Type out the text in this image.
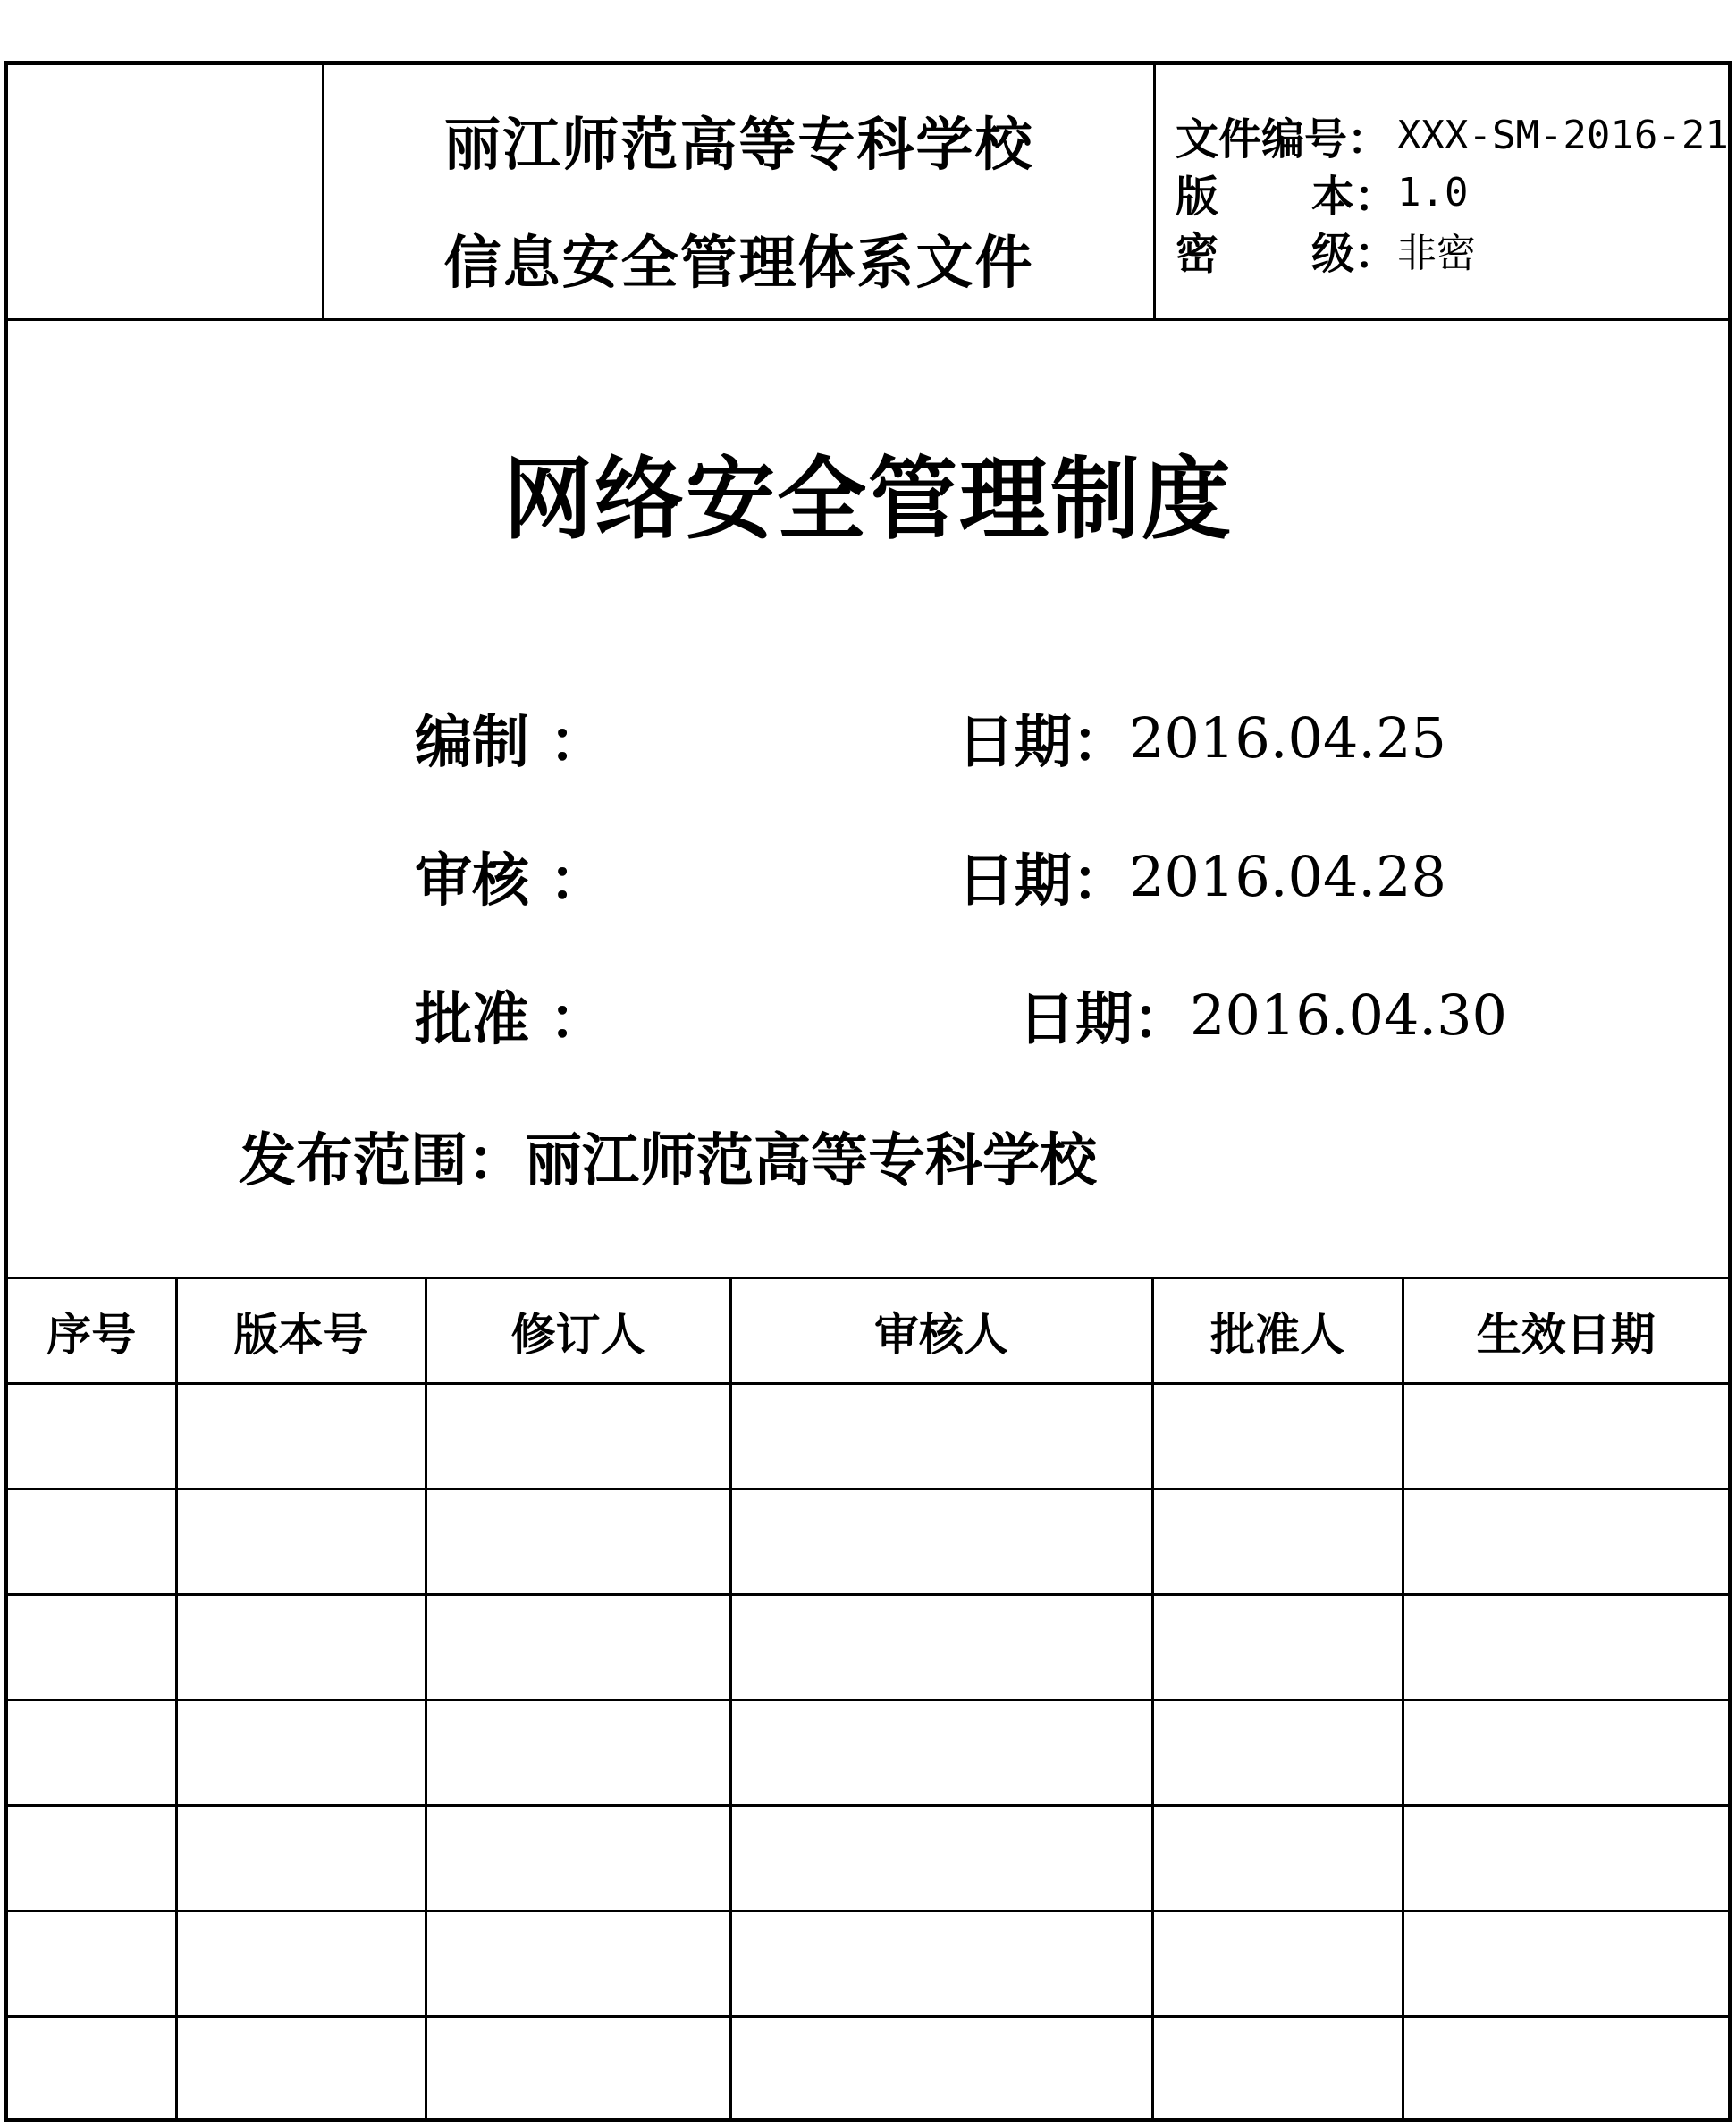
丽江师范高等专科学校
信息安全管理体系文件
文件编号： XXX-SM-2016-21
版 本： 1.0
密 级： 非密
网络安全管理制度
编制 ：	日期： 2016.04.25
审核 ：	日期： 2016.04.28
批准 ：	日期： 2016.04.30
发布范围： 丽江师范高等专科学校
序号	版本号	修订人	审核人	批准人	生效日期
